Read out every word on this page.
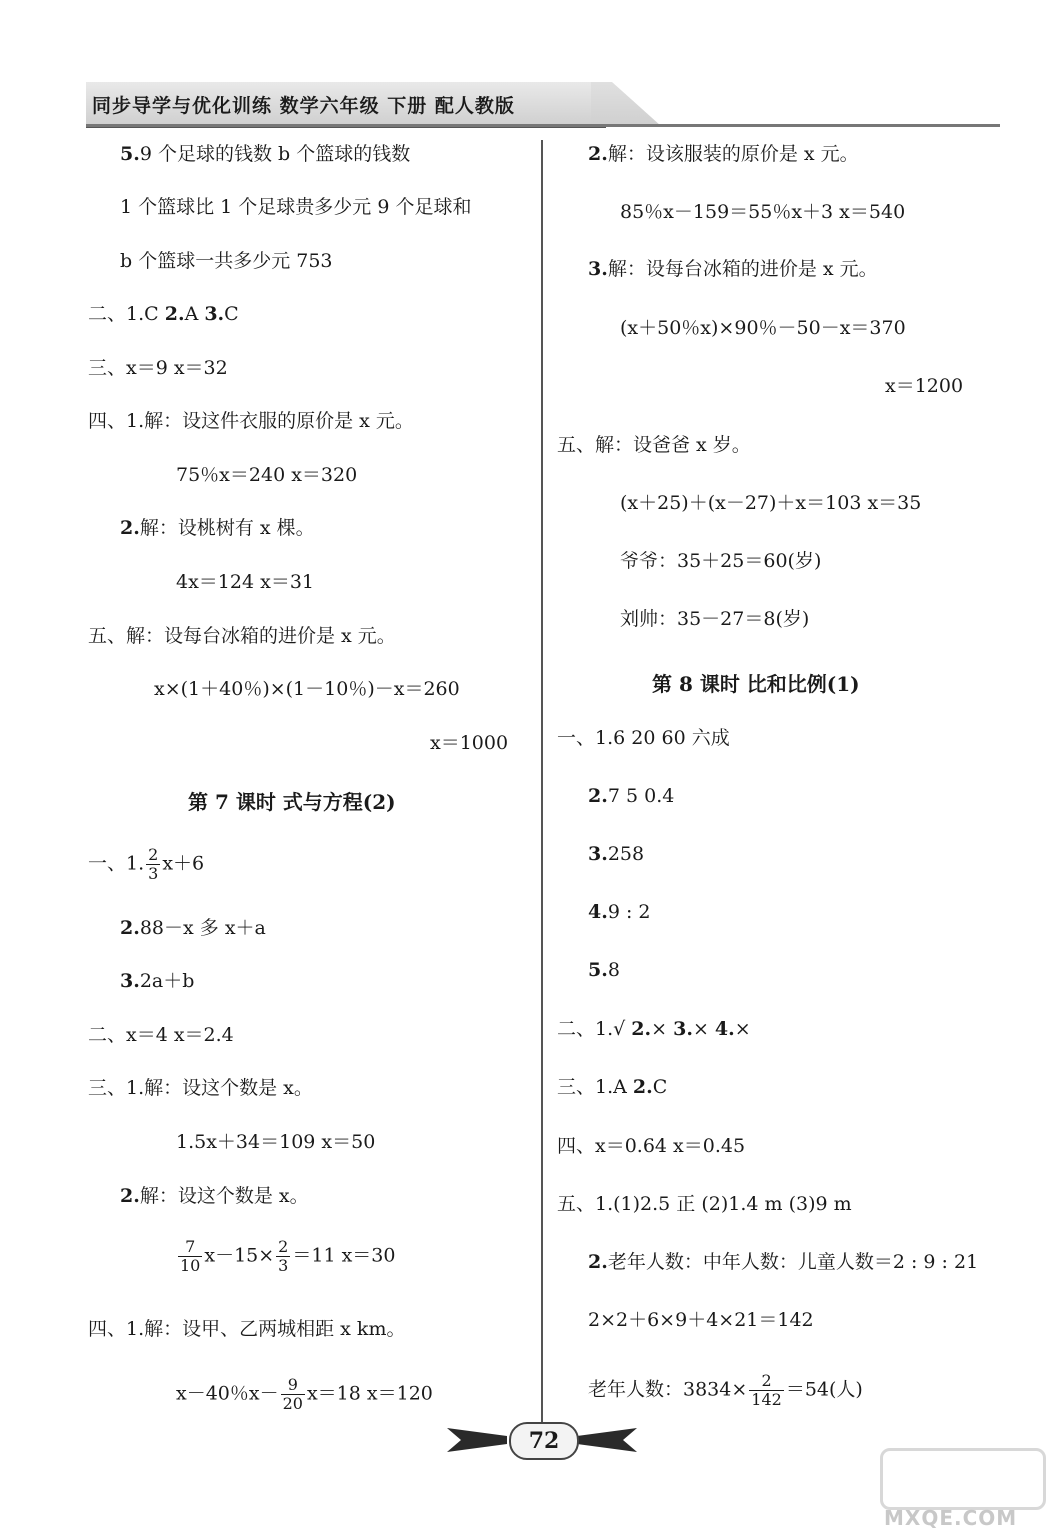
同步导学与优化训练 数学六年级 下册 配人教版
5.9 个足球的钱数 b 个篮球的钱数
1 个篮球比 1 个足球贵多少元 9 个足球和
b 个篮球一共多少元 753
二、1.C 2.A 3.C
三、x＝9 x＝32
四、1.解：设这件衣服的原价是 x 元。
75％x＝240 x＝320
2.解：设桃树有 x 棵。
4x＝124 x＝31
五、解：设每台冰箱的进价是 x 元。
x×(1＋40％)×(1－10％)－x＝260
x＝1000
第 7 课时 式与方程(2)
一、1. $\frac{2}{3} x+6$
2.88－x 多 x＋a
3.2a＋b
二、x＝4 x＝2.4
三、1.解：设这个数是 x。
1.5x＋34＝109 x＝50
2.解：设这个数是 x。
$\frac{7}{10} x-15\times \frac{2}{3} =11$ x＝30
四、1.解：设甲、乙两城相距 x km。
x－40％$x- \frac{9}{20} x=18$ x＝120
2.解：设该服装的原价是 x 元。
85％x－159＝55％x＋3 x＝540
3.解：设每台冰箱的进价是 x 元。
(x＋50％x)×90％－50－x＝370
x＝1200
五、解：设爸爸 x 岁。
(x＋25)＋(x－27)＋x＝103 x＝35
爷爷：35＋25＝60(岁)
刘帅：35－27＝8(岁)
第 8 课时 比和比例(1)
一、1.6 20 60 六成
2.7 5 0.4
3.258
4.9 : 2
5.8
二、1.√ 2.× 3.× 4.×
三、1.A 2.C
四、x＝0.64 x＝0.45
五、1.(1)2.5 正 (2)1.4 m (3)9 m
2.老年人数：中年人数：儿童人数＝2 : 9 : 21
2×2＋6×9＋4×21＝142
老年人数：$3834\times \frac{2}{142} =54$(人)
72
MXQE.COM
